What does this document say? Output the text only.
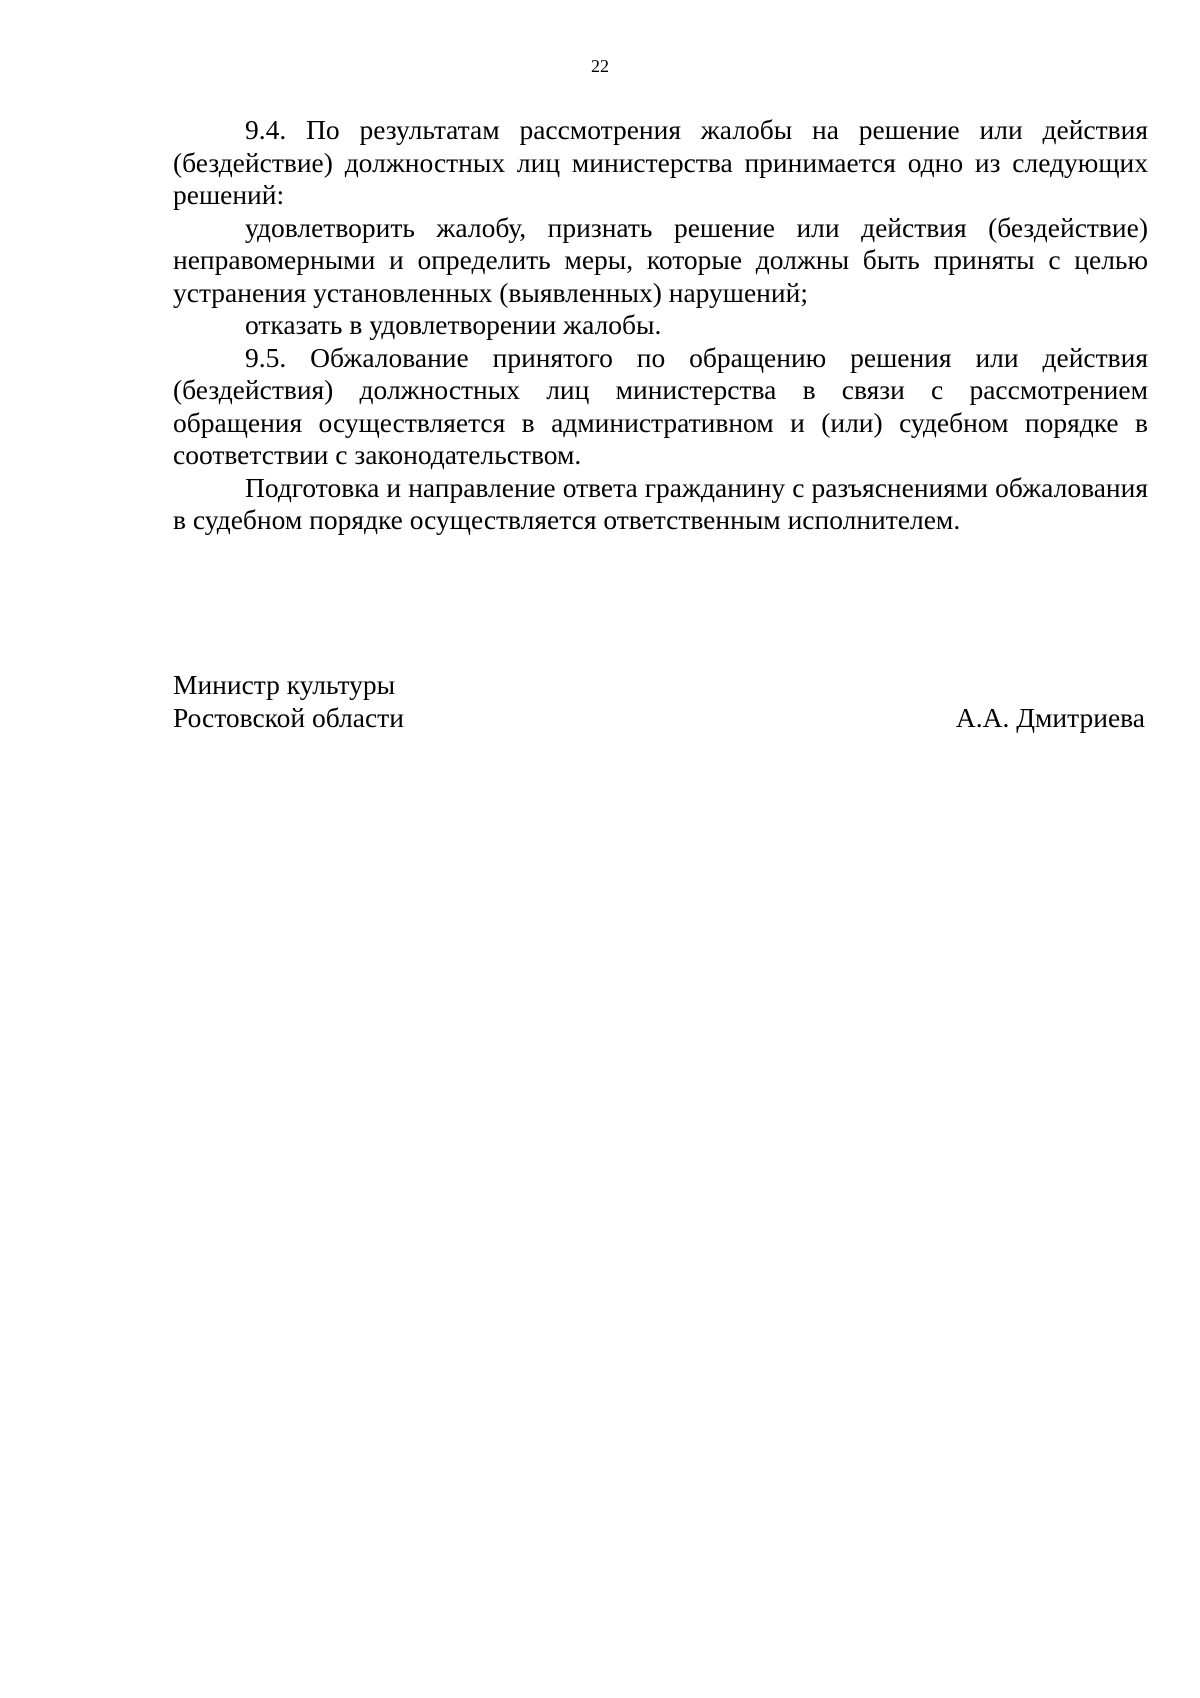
22

9.4. По результатам рассмотрения жалобы на решение или действия (бездействие) должностных лиц министерства принимается одно из следующих решений:

удовлетворить жалобу, признать решение или действия (бездействие) неправомерными и определить меры, которые должны быть приняты с целью устранения установленных (выявленных) нарушений;

отказать в удовлетворении жалобы.

9.5. Обжалование принятого по обращению решения или действия (бездействия) должностных лиц министерства в связи с рассмотрением обращения осуществляется в административном и (или) судебном порядке в соответствии с законодательством.

Подготовка и направление ответа гражданину с разъяснениями обжалования в судебном порядке осуществляется ответственным исполнителем.

Министр культуры
Ростовской области	А.А. Дмитриева
